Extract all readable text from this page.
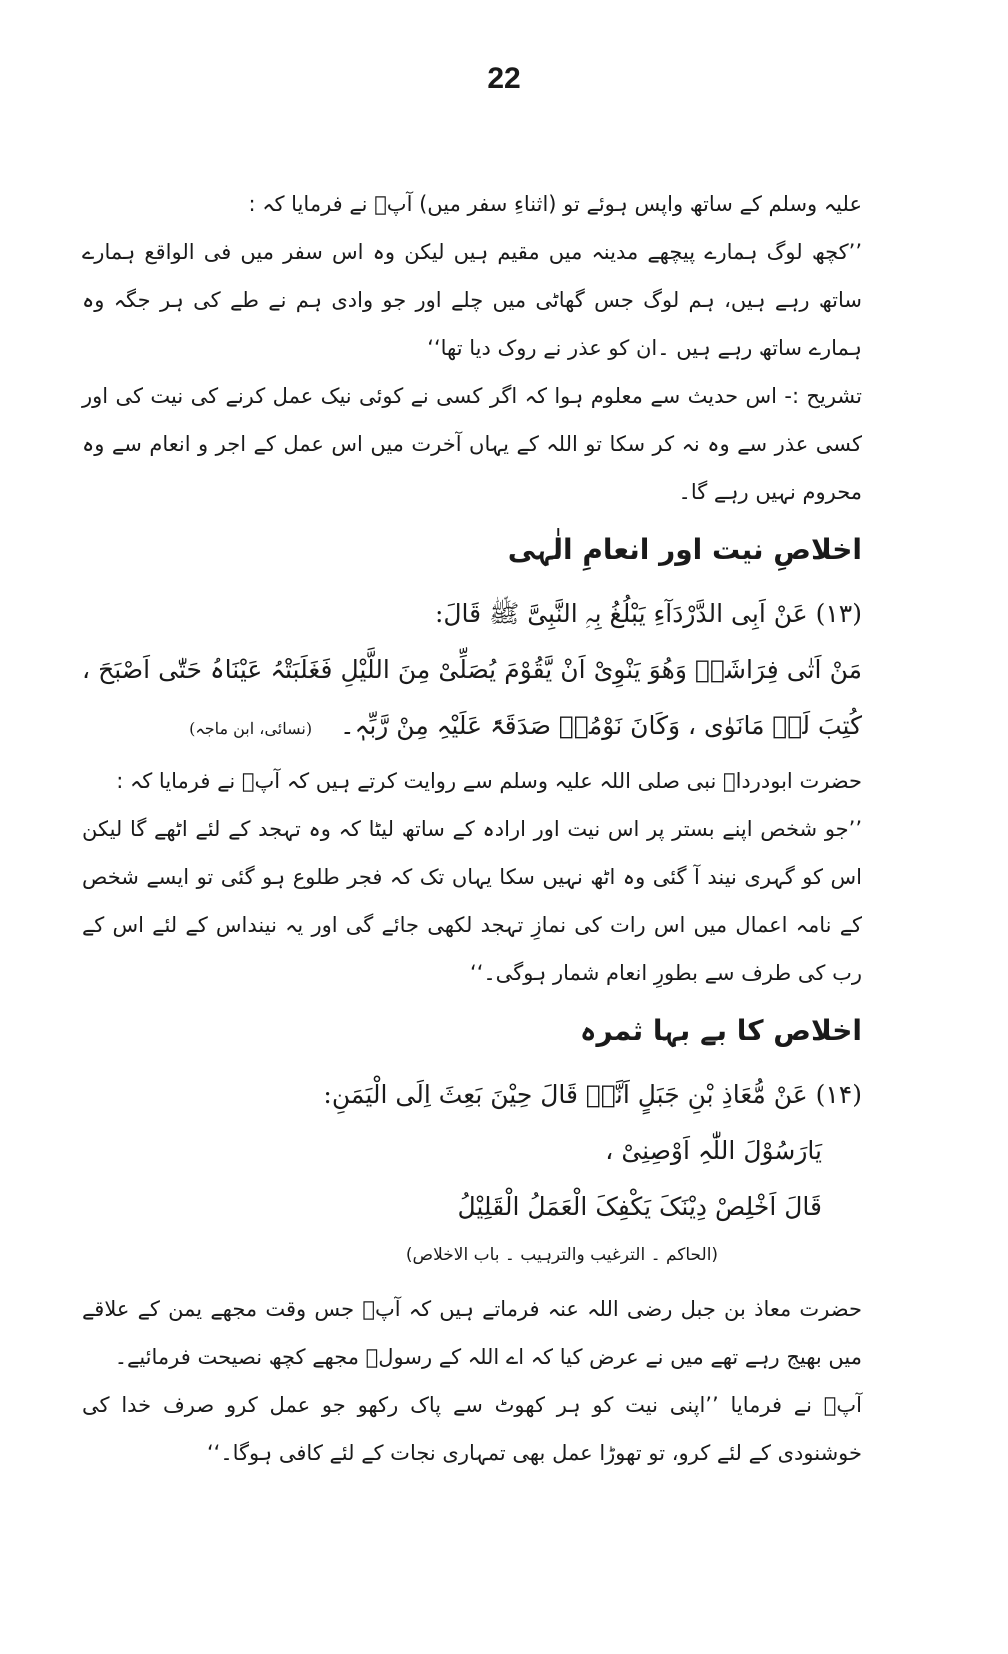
22

علیہ وسلم کے ساتھ واپس ہوئے تو (اثناءِ سفر میں) آپؐ نے فرمایا کہ :

’’کچھ لوگ ہمارے پیچھے مدینہ میں مقیم ہیں لیکن وہ اس سفر میں فی الواقع ہمارے ساتھ رہے ہیں، ہم لوگ جس گھاٹی میں چلے اور جو وادی ہم نے طے کی ہر جگہ وہ ہمارے ساتھ رہے ہیں ۔ان کو عذر نے روک دیا تھا‘‘

تشریح :- اس حدیث سے معلوم ہوا کہ اگر کسی نے کوئی نیک عمل کرنے کی نیت کی اور کسی عذر سے وہ نہ کر سکا تو اللہ کے یہاں آخرت میں اس عمل کے اجر و انعام سے وہ محروم نہیں رہے گا۔

اخلاصِ نیت اور انعامِ الٰہی

(۱۳) عَنْ اَبِی الدَّرْدَآءِ یَبْلُغُ بِہِ النَّبِیَّ ﷺ قَالَ:

مَنْ اَتٰی فِرَاشَہٗ وَھُوَ یَنْوِیْ اَنْ یَّقُوْمَ یُصَلِّیْ مِنَ اللَّیْلِ فَغَلَبَتْہُ عَیْنَاہُ حَتّٰی اَصْبَحَ ، کُتِبَ لَہٗ مَانَوٰی ، وَکَانَ نَوْمُہٗ صَدَقَۃً عَلَیْہِ مِنْ رَّبِّہٖ۔ (نسائی، ابن ماجہ)

حضرت ابودرداؓ نبی صلی اللہ علیہ وسلم سے روایت کرتے ہیں کہ آپؐ نے فرمایا کہ :

’’جو شخص اپنے بستر پر اس نیت اور ارادہ کے ساتھ لیٹا کہ وہ تہجد کے لئے اٹھے گا لیکن اس کو گہری نیند آ گئی وہ اٹھ نہیں سکا یہاں تک کہ فجر طلوع ہو گئی تو ایسے شخص کے نامہ اعمال میں اس رات کی نمازِ تہجد لکھی جائے گی اور یہ نینداس کے لئے اس کے رب کی طرف سے بطورِ انعام شمار ہوگی۔‘‘

اخلاص کا بے بہا ثمرہ

(۱۴) عَنْ مُّعَاذِ بْنِ جَبَلٍ اَنَّہٗ قَالَ حِیْنَ بَعِثَ اِلَی الْیَمَنِ:

یَارَسُوْلَ اللّٰہِ اَوْصِنِیْ ،

قَالَ اَخْلِصْ دِیْنَکَ یَکْفِکَ الْعَمَلُ الْقَلِیْلُ

(الحاکم ۔ الترغیب والترہیب ۔ باب الاخلاص)

حضرت معاذ بن جبل رضی اللہ عنہ فرماتے ہیں کہ آپؐ جس وقت مجھے یمن کے علاقے میں بھیج رہے تھے میں نے عرض کیا کہ اے اللہ کے رسولؐ مجھے کچھ نصیحت فرمائیے۔

آپؐ نے فرمایا ’’اپنی نیت کو ہر کھوٹ سے پاک رکھو جو عمل کرو صرف خدا کی خوشنودی کے لئے کرو، تو تھوڑا عمل بھی تمہاری نجات کے لئے کافی ہوگا۔‘‘
